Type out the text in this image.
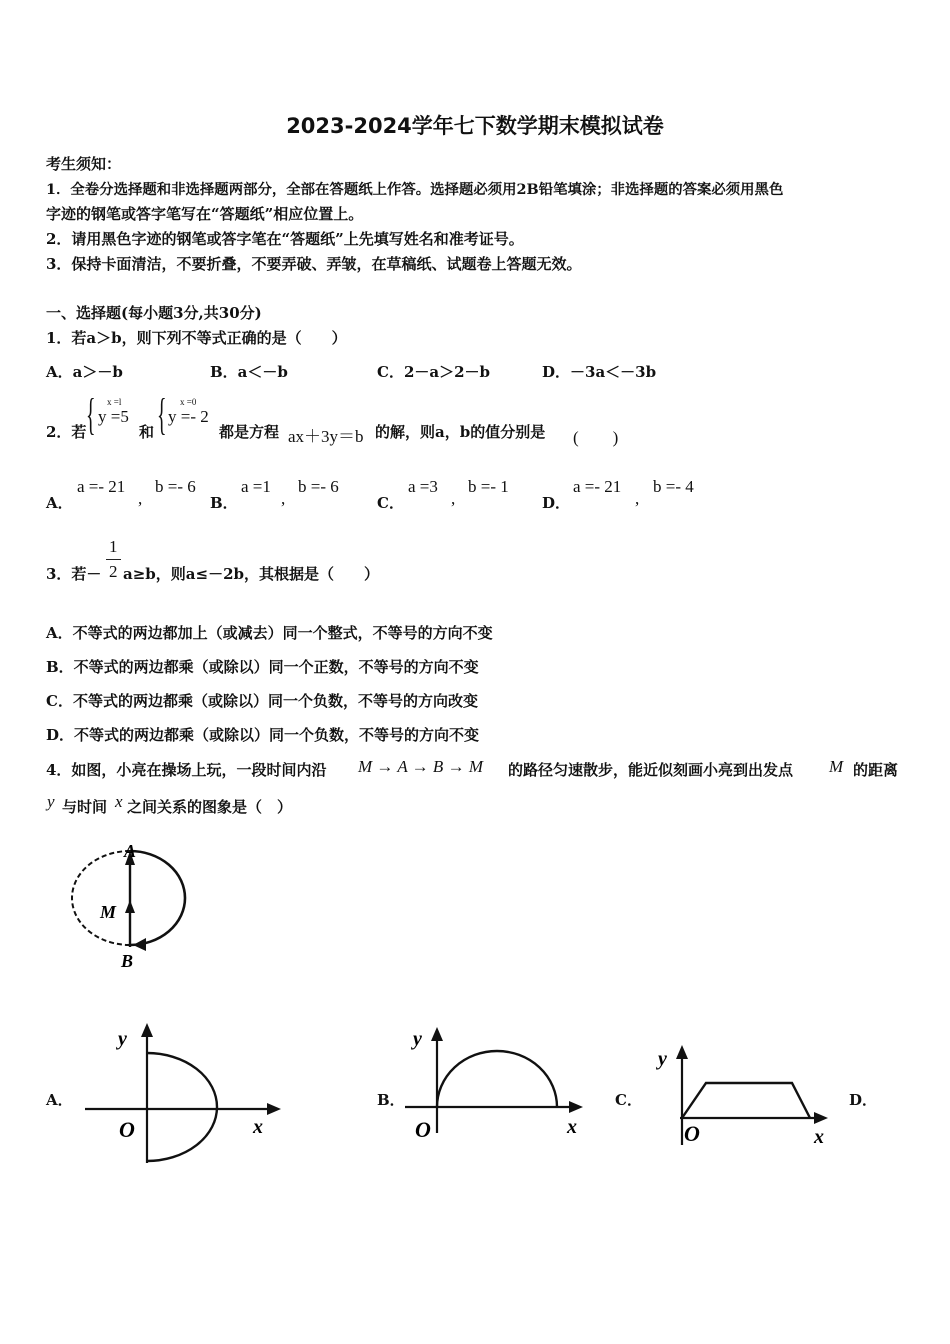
2023-2024学年七下数学期末模拟试卷
考生须知：
1．全卷分选择题和非选择题两部分，全部在答题纸上作答。选择题必须用2B铅笔填涂；非选择题的答案必须用黑色
字迹的钢笔或答字笔写在“答题纸”相应位置上。
2．请用黑色字迹的钢笔或答字笔在“答题纸”上先填写姓名和准考证号。
3．保持卡面清洁，不要折叠，不要弄破、弄皱，在草稿纸、试题卷上答题无效。
一、选择题(每小题3分,共30分)
1．若a＞b，则下列不等式正确的是（　　）
A．a＞－b	B．a＜－b	C．2－a＞2－b	D．－3a＜－3b
2．若 { x =l
y =5
和 { x =0
y =- 2
都是方程 ax＋3y＝b 的解，则a，b的值分别是 (　　)
A．
a =- 21
,
b =- 6
B．
a =1
,
b =- 6
C．
a =3
,
b =- 1
D．
a =- 21
,
b =- 4
3．若－
1
2 a≥b，则a≤－2b，其根据是（　　）
A．不等式的两边都加上（或减去）同一个整式，不等号的方向不变
B．不等式的两边都乘（或除以）同一个正数，不等号的方向不变
C．不等式的两边都乘（或除以）同一个负数，不等号的方向改变
D．不等式的两边都乘（或除以）同一个负数，不等号的方向不变
4．如图，小亮在操场上玩，一段时间内沿 M → A → B → M 的路径匀速散步，能近似刻画小亮到出发点 M 的距离
y 与时间 x 之间关系的图象是（　）
A
M
B
A．
y
O	x
B．
y
O	x
C．
y
O	x
D．
